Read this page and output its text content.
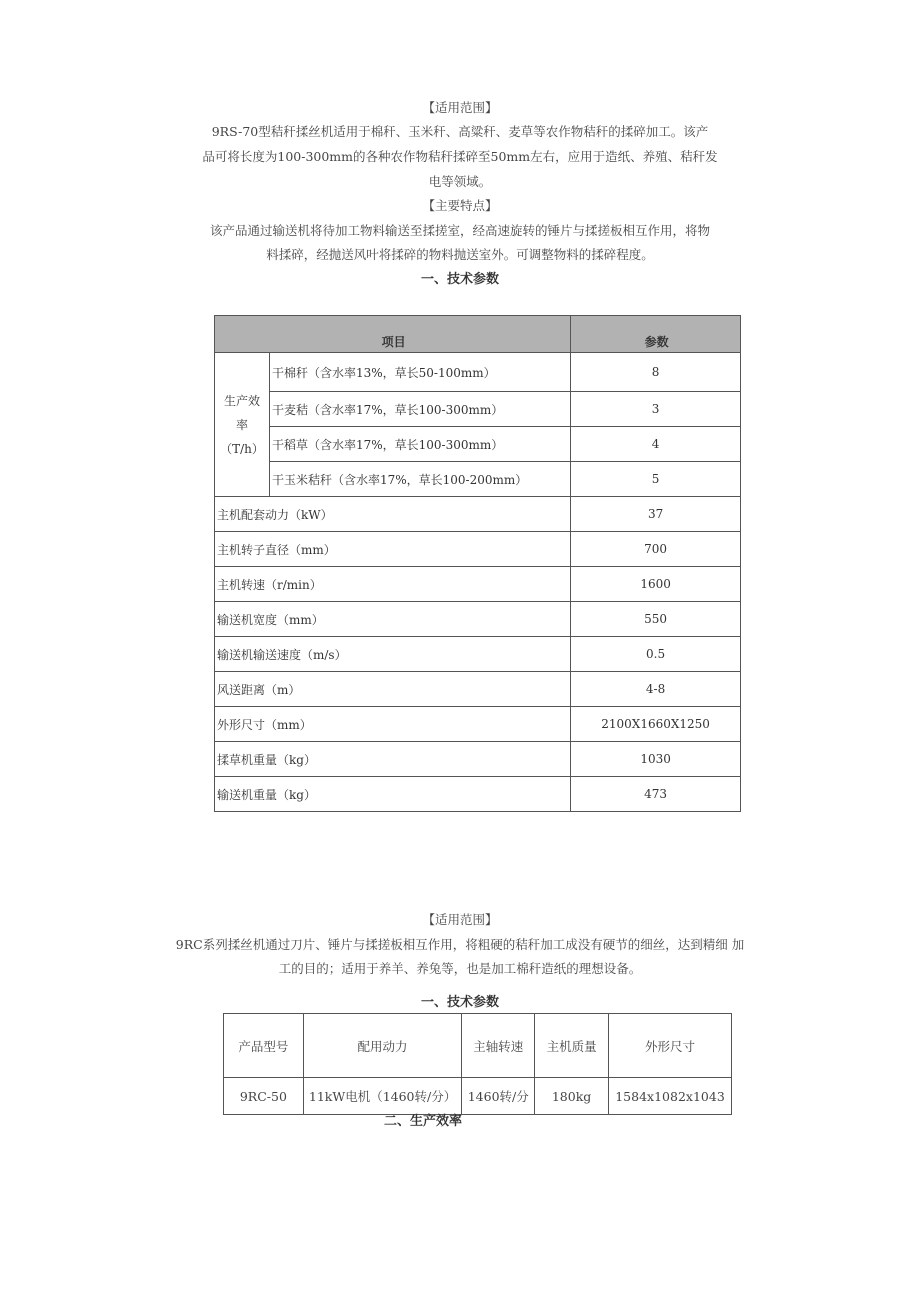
【适用范围】
9RS-70型秸秆揉丝机适用于棉秆、玉米秆、高粱秆、麦草等农作物秸秆的揉碎加工。该产
品可将长度为100-300mm的各种农作物秸秆揉碎至50mm左右，应用于造纸、养殖、秸秆发
电等领域。
【主要特点】
该产品通过输送机将待加工物料输送至揉搓室，经高速旋转的锤片与揉搓板相互作用，将物
料揉碎，经抛送风叶将揉碎的物料抛送室外。可调整物料的揉碎程度。
一、技术参数
项目		参数

生产效
率
（T/h）	干棉秆（含水率13%，草长50-100mm）	8
	干麦秸（含水率17%，草长100-300mm）	3
	干稻草（含水率17%，草长100-300mm）	4
	干玉米秸秆（含水率17%，草长100-200mm）	5
主机配套动力（kW）		37
主机转子直径（mm）		700
主机转速（r/min）		1600
输送机宽度（mm）		550
输送机输送速度（m/s）		0.5
风送距离（m）		4-8
外形尺寸（mm）		2100X1660X1250
揉草机重量（kg）		1030
输送机重量（kg）		473
【适用范围】
9RC系列揉丝机通过刀片、锤片与揉搓板相互作用，将粗硬的秸秆加工成没有硬节的细丝，达到精细 加
工的目的；适用于养羊、养兔等，也是加工棉秆造纸的理想设备。
一、技术参数
产品型号	配用动力	主轴转速	主机质量	外形尺寸
9RC-50	11kW电机（1460转/分）	1460转/分	180kg	1584x1082x1043
二、生产效率
